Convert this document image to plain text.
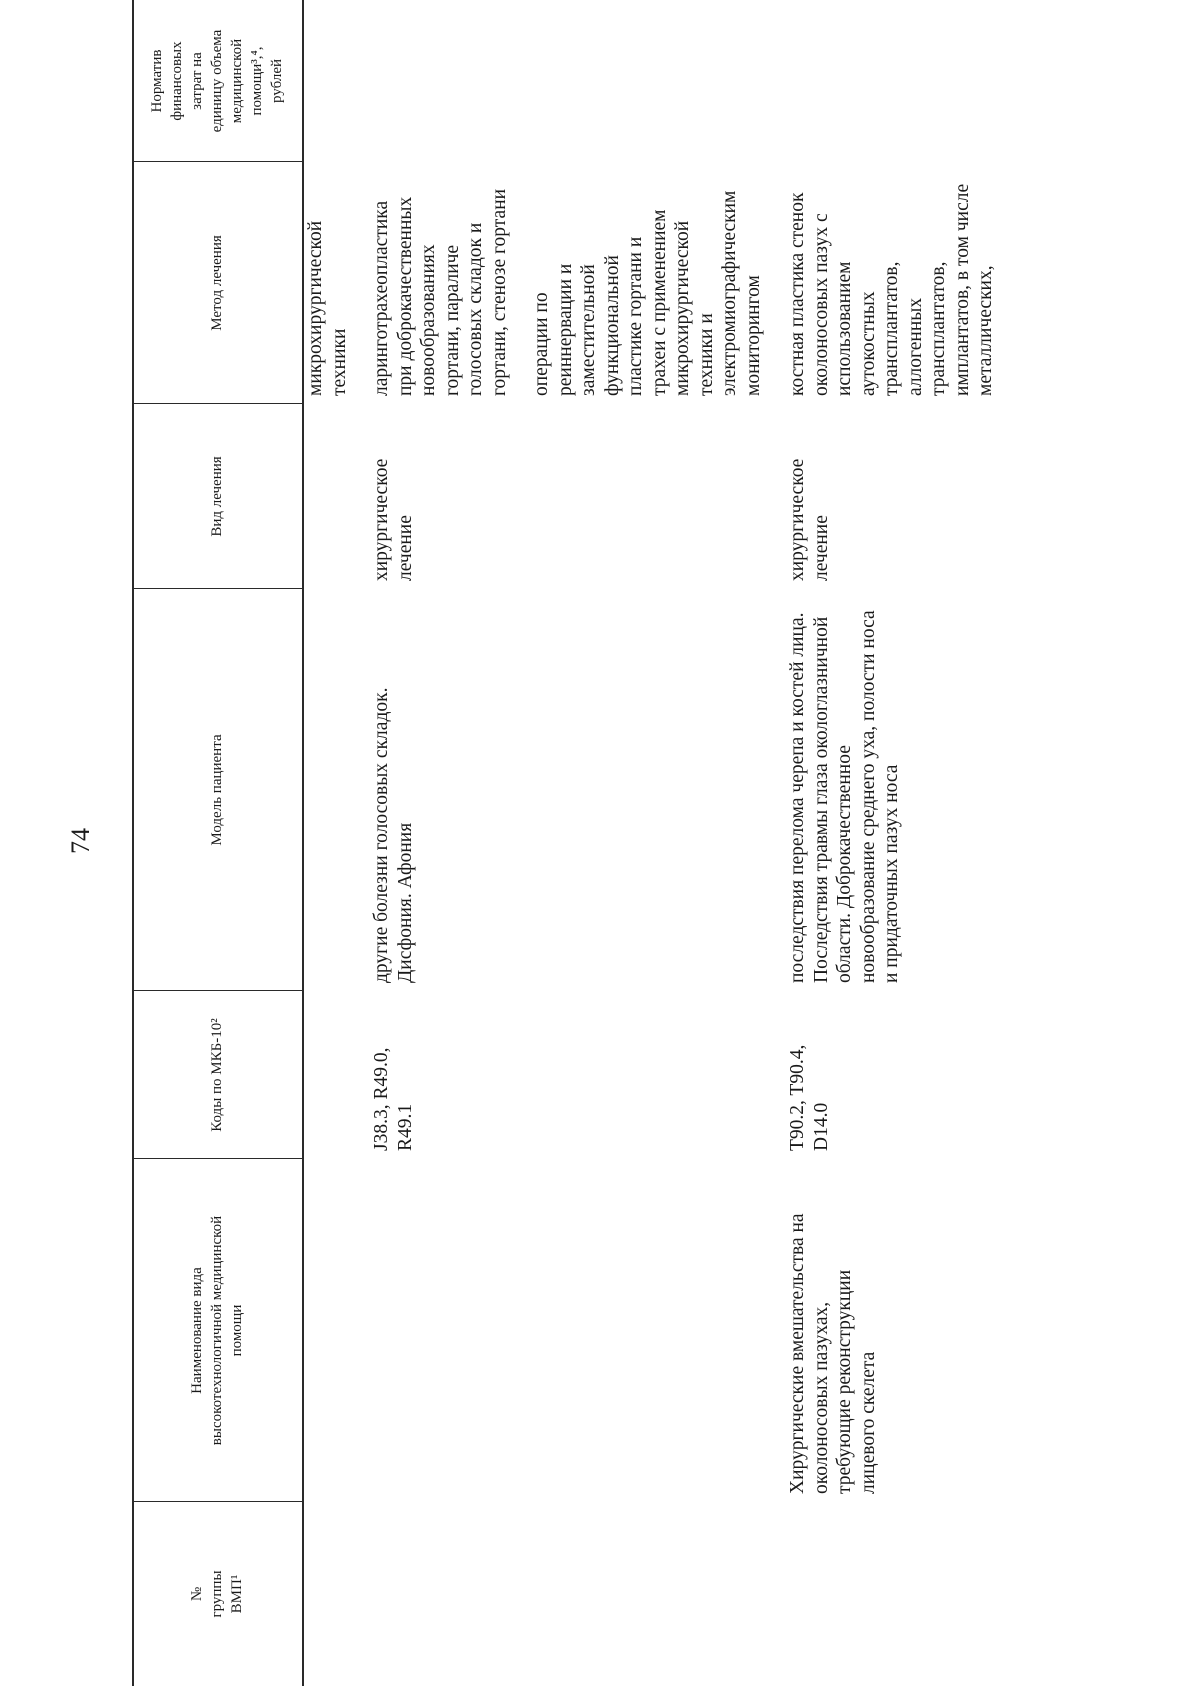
74
№ группы ВМП¹
Наименование вида высокотехнологичной медицинской помощи
Коды по МКБ-10²
Модель пациента
Вид лечения
Метод лечения
Норматив финансовых затрат на единицу объема медицинской помощи³,⁴, рублей
микрохирургической техники
J38.3, R49.0, R49.1
другие болезни голосовых складок. Дисфония. Афония
хирургическое лечение
ларинготрахеопластика при доброкачественных новообразованиях гортани, параличе голосовых складок и гортани, стенозе гортани операции по реиннервации и заместительной функциональной пластике гортани и трахеи с применением микрохирургической техники и электромиографическим мониторингом
Хирургические вмешательства на околоносовых пазухах, требующие реконструкции лицевого скелета
T90.2, T90.4, D14.0
последствия перелома черепа и костей лица. Последствия травмы глаза окологлазничной области. Доброкачественное новообразование среднего уха, полости носа и придаточных пазух носа
хирургическое лечение
костная пластика стенок околоносовых пазух с использованием аутокостных трансплантатов, аллогенных трансплантатов, имплантатов, в том числе металлических,
